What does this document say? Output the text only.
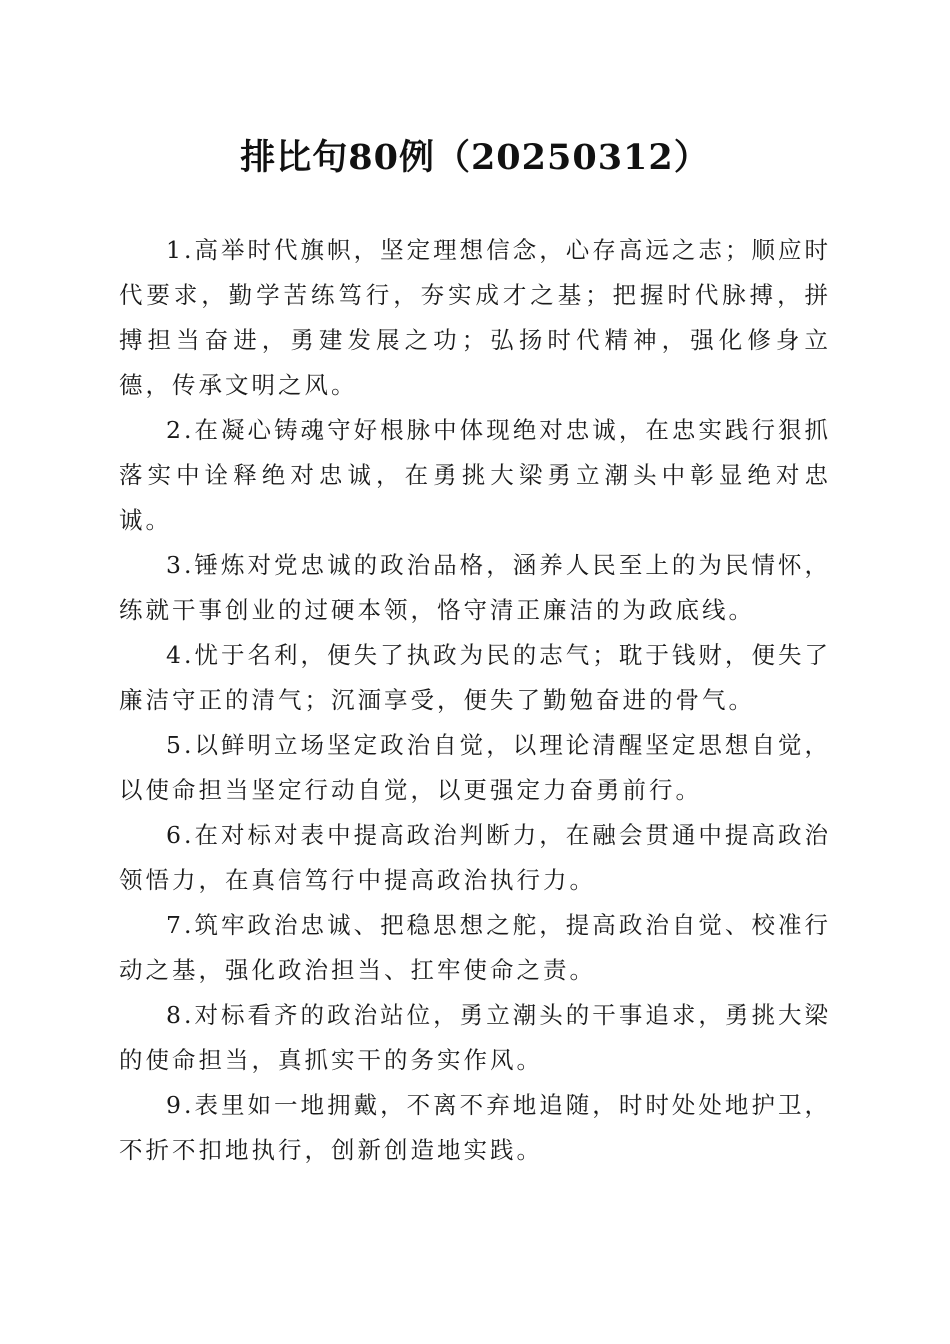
排比句80例（20250312）

1.高举时代旗帜，坚定理想信念，心存高远之志；顺应时代要求，勤学苦练笃行，夯实成才之基；把握时代脉搏，拼搏担当奋进，勇建发展之功；弘扬时代精神，强化修身立德，传承文明之风。

2.在凝心铸魂守好根脉中体现绝对忠诚，在忠实践行狠抓落实中诠释绝对忠诚，在勇挑大梁勇立潮头中彰显绝对忠诚。

3.锤炼对党忠诚的政治品格，涵养人民至上的为民情怀，练就干事创业的过硬本领，恪守清正廉洁的为政底线。

4.忧于名利，便失了执政为民的志气；耽于钱财，便失了廉洁守正的清气；沉湎享受，便失了勤勉奋进的骨气。

5.以鲜明立场坚定政治自觉，以理论清醒坚定思想自觉，以使命担当坚定行动自觉，以更强定力奋勇前行。

6.在对标对表中提高政治判断力，在融会贯通中提高政治领悟力，在真信笃行中提高政治执行力。

7.筑牢政治忠诚、把稳思想之舵，提高政治自觉、校准行动之基，强化政治担当、扛牢使命之责。

8.对标看齐的政治站位，勇立潮头的干事追求，勇挑大梁的使命担当，真抓实干的务实作风。

9.表里如一地拥戴，不离不弃地追随，时时处处地护卫，不折不扣地执行，创新创造地实践。
